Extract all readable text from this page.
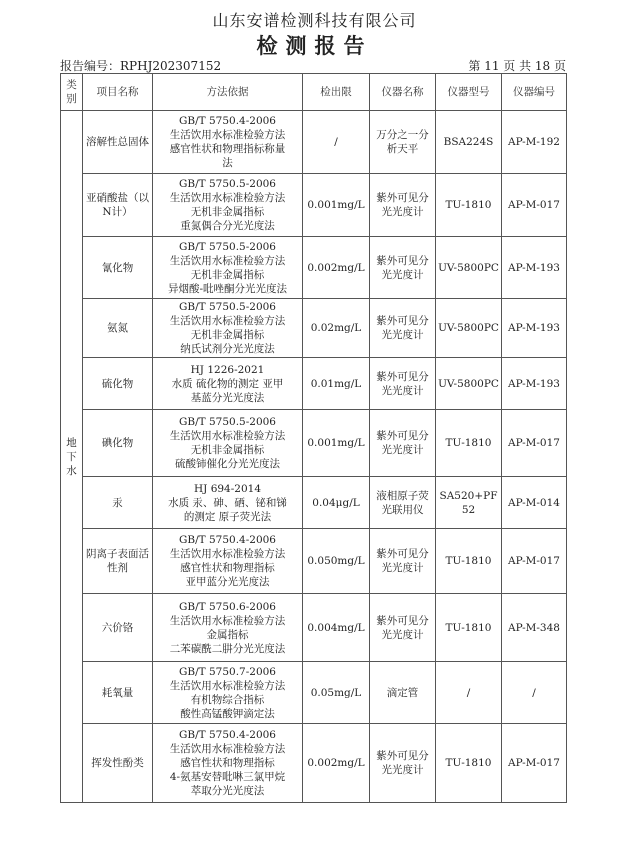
山东安谱检测科技有限公司
检测报告
报告编号：RPHJ202307152	第 11 页 共 18 页
类别	项目名称	方法依据	检出限	仪器名称	仪器型号	仪器编号

地
下
水	溶解性总固体	GB/T 5750.4-2006
生活饮用水标准检验方法
感官性状和物理指标称量
法	/	万分之一分析天平	BSA224S	AP-M-192
	亚硝酸盐（以N计）	GB/T 5750.5-2006
生活饮用水标准检验方法
无机非金属指标
重氮偶合分光光度法	0.001mg/L	紫外可见分光光度计	TU-1810	AP-M-017
	氰化物	GB/T 5750.5-2006
生活饮用水标准检验方法
无机非金属指标
异烟酸-吡唑酮分光光度法	0.002mg/L	紫外可见分光光度计	UV-5800PC	AP-M-193
	氨氮	GB/T 5750.5-2006
生活饮用水标准检验方法
无机非金属指标
纳氏试剂分光光度法	0.02mg/L	紫外可见分光光度计	UV-5800PC	AP-M-193
	硫化物	HJ 1226-2021
水质 硫化物的测定 亚甲
基蓝分光光度法	0.01mg/L	紫外可见分光光度计	UV-5800PC	AP-M-193
	碘化物	GB/T 5750.5-2006
生活饮用水标准检验方法
无机非金属指标
硫酸铈催化分光光度法	0.001mg/L	紫外可见分光光度计	TU-1810	AP-M-017
	汞	HJ 694-2014
水质 汞、砷、硒、铋和锑
的测定 原子荧光法	0.04μg/L	液相原子荧光联用仪	SA520+PF52	AP-M-014
	阴离子表面活性剂	GB/T 5750.4-2006
生活饮用水标准检验方法
感官性状和物理指标
亚甲蓝分光光度法	0.050mg/L	紫外可见分光光度计	TU-1810	AP-M-017
	六价铬	GB/T 5750.6-2006
生活饮用水标准检验方法
金属指标
二苯碳酰二肼分光光度法	0.004mg/L	紫外可见分光光度计	TU-1810	AP-M-348
	耗氧量	GB/T 5750.7-2006
生活饮用水标准检验方法
有机物综合指标
酸性高锰酸钾滴定法	0.05mg/L	滴定管	/	/
	挥发性酚类	GB/T 5750.4-2006
生活饮用水标准检验方法
感官性状和物理指标
4-氨基安替吡啉三氯甲烷
萃取分光光度法	0.002mg/L	紫外可见分光光度计	TU-1810	AP-M-017
